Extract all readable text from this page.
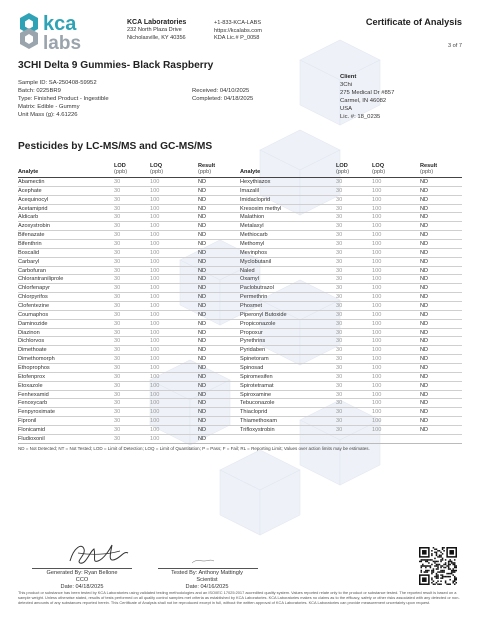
kca
labs
KCA Laboratories
232 North Plaza Drive
Nicholasville, KY 40356
+1-833-KCA-LABS
https://kcalabs.com
KDA Lic.# P_0058
Certificate of Analysis
3 of 7
3CHI Delta 9 Gummies- Black Raspberry
Sample ID: SA-250408-59952
Batch: 0225BR9
Type: Finished Product - Ingestible
Matrix: Edible - Gummy
Unit Mass (g): 4.61226
Received: 04/10/2025
Completed: 04/18/2025
Client
3Chi
275 Medical Dr #857
Carmel, IN 46082
USA
Lic. #: 18_0235
Pesticides by LC-MS/MS and GC-MS/MS
Analyte
LOD
(ppb)
LOQ
(ppb)
Result
(ppb)	Analyte
LOD
(ppb)
LOQ
(ppb)
Result
(ppb)
Abamectin	30	100	ND	Hexythiazox	30	100	ND
Acephate	30	100	ND	Imazalil	30	100	ND
Acequinocyl	30	100	ND	Imidacloprid	30	100	ND
Acetamiprid	30	100	ND	Kresoxim methyl	30	100	ND
Aldicarb	30	100	ND	Malathion	30	100	ND
Azoxystrobin	30	100	ND	Metalaxyl	30	100	ND
Bifenazate	30	100	ND	Methiocarb	30	100	ND
Bifenthrin	30	100	ND	Methomyl	30	100	ND
Boscalid	30	100	ND	Mevinphos	30	100	ND
Carbaryl	30	100	ND	Myclobutanil	30	100	ND
Carbofuran	30	100	ND	Naled	30	100	ND
Chlorantraniliprole	30	100	ND	Oxamyl	30	100	ND
Chlorfenapyr	30	100	ND	Paclobutrazol	30	100	ND
Chlorpyrifos	30	100	ND	Permethrin	30	100	ND
Clofentezine	30	100	ND	Phosmet	30	100	ND
Coumaphos	30	100	ND	Piperonyl Butoxide	30	100	ND
Daminozide	30	100	ND	Propiconazole	30	100	ND
Diazinon	30	100	ND	Propoxur	30	100	ND
Dichlorvos	30	100	ND	Pyrethrins	30	100	ND
Dimethoate	30	100	ND	Pyridaben	30	100	ND
Dimethomorph	30	100	ND	Spinetoram	30	100	ND
Ethoprophos	30	100	ND	Spinosad	30	100	ND
Etofenprox	30	100	ND	Spiromesifen	30	100	ND
Etoxazole	30	100	ND	Spirotetramat	30	100	ND
Fenhexamid	30	100	ND	Spiroxamine	30	100	ND
Fenoxycarb	30	100	ND	Tebuconazole	30	100	ND
Fenpyroximate	30	100	ND	Thiacloprid	30	100	ND
Fipronil	30	100	ND	Thiamethoxam	30	100	ND
Flonicamid	30	100	ND	Trifloxystrobin	30	100	ND
Fludioxonil	30	100	ND
ND = Not Detected; NT = Not Tested; LOD = Limit of Detection; LOQ = Limit of Quantitation; P = Pass; F = Fail; RL = Reporting Limit; Values over action limits may be estimates.
Generated By: Ryan Bellone
CCO
Date: 04/18/2025
Tested By: Anthony Mattingly
Scientist
Date: 04/16/2025
This product or substance has been tested by KCA Laboratories using validated testing methodologies and an ISO/IEC 17025:2017 accredited quality system. Values reported relate only to the product or substance tested. The reported result is based on a sample weight. Unless otherwise stated, results of tests performed on all quality control samples met criteria as established by KCA Laboratories. KCA Laboratories makes no claims as to the efficacy, safety or other risks associated with any detected or non-detected amounts of any substances reported herein. This Certificate of Analysis shall not be reproduced except in full, without the written approval of KCA Laboratories. KCA Laboratories can provide measurement uncertainty upon request.
